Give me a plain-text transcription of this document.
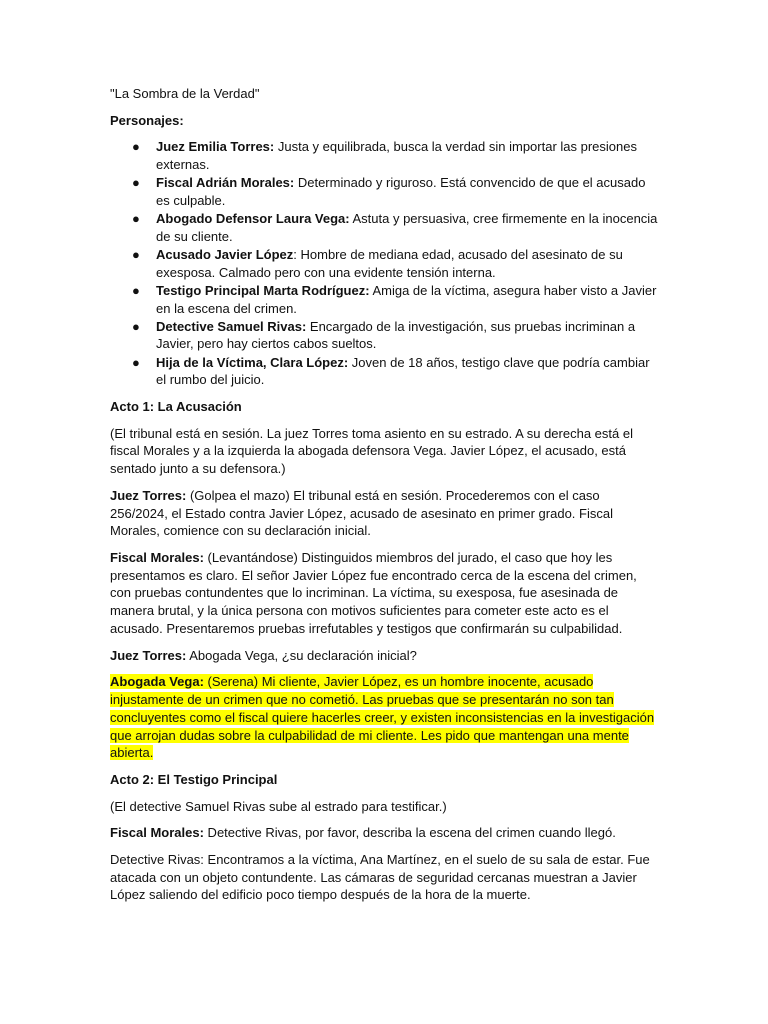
"La Sombra de la Verdad"

Personajes:

● Juez Emilia Torres: Justa y equilibrada, busca la verdad sin importar las presiones externas.
● Fiscal Adrián Morales: Determinado y riguroso. Está convencido de que el acusado es culpable.
● Abogado Defensor Laura Vega: Astuta y persuasiva, cree firmemente en la inocencia de su cliente.
● Acusado Javier López: Hombre de mediana edad, acusado del asesinato de su exesposa. Calmado pero con una evidente tensión interna.
● Testigo Principal Marta Rodríguez: Amiga de la víctima, asegura haber visto a Javier en la escena del crimen.
● Detective Samuel Rivas: Encargado de la investigación, sus pruebas incriminan a Javier, pero hay ciertos cabos sueltos.
● Hija de la Víctima, Clara López: Joven de 18 años, testigo clave que podría cambiar el rumbo del juicio.

Acto 1: La Acusación

(El tribunal está en sesión. La juez Torres toma asiento en su estrado. A su derecha está el fiscal Morales y a la izquierda la abogada defensora Vega. Javier López, el acusado, está sentado junto a su defensora.)

Juez Torres: (Golpea el mazo) El tribunal está en sesión. Procederemos con el caso 256/2024, el Estado contra Javier López, acusado de asesinato en primer grado. Fiscal Morales, comience con su declaración inicial.

Fiscal Morales: (Levantándose) Distinguidos miembros del jurado, el caso que hoy les presentamos es claro. El señor Javier López fue encontrado cerca de la escena del crimen, con pruebas contundentes que lo incriminan. La víctima, su exesposa, fue asesinada de manera brutal, y la única persona con motivos suficientes para cometer este acto es el acusado. Presentaremos pruebas irrefutables y testigos que confirmarán su culpabilidad.

Juez Torres: Abogada Vega, ¿su declaración inicial?

Abogada Vega: (Serena) Mi cliente, Javier López, es un hombre inocente, acusado injustamente de un crimen que no cometió. Las pruebas que se presentarán no son tan concluyentes como el fiscal quiere hacerles creer, y existen inconsistencias en la investigación que arrojan dudas sobre la culpabilidad de mi cliente. Les pido que mantengan una mente abierta.

Acto 2: El Testigo Principal

(El detective Samuel Rivas sube al estrado para testificar.)

Fiscal Morales: Detective Rivas, por favor, describa la escena del crimen cuando llegó.

Detective Rivas: Encontramos a la víctima, Ana Martínez, en el suelo de su sala de estar. Fue atacada con un objeto contundente. Las cámaras de seguridad cercanas muestran a Javier López saliendo del edificio poco tiempo después de la hora de la muerte.
